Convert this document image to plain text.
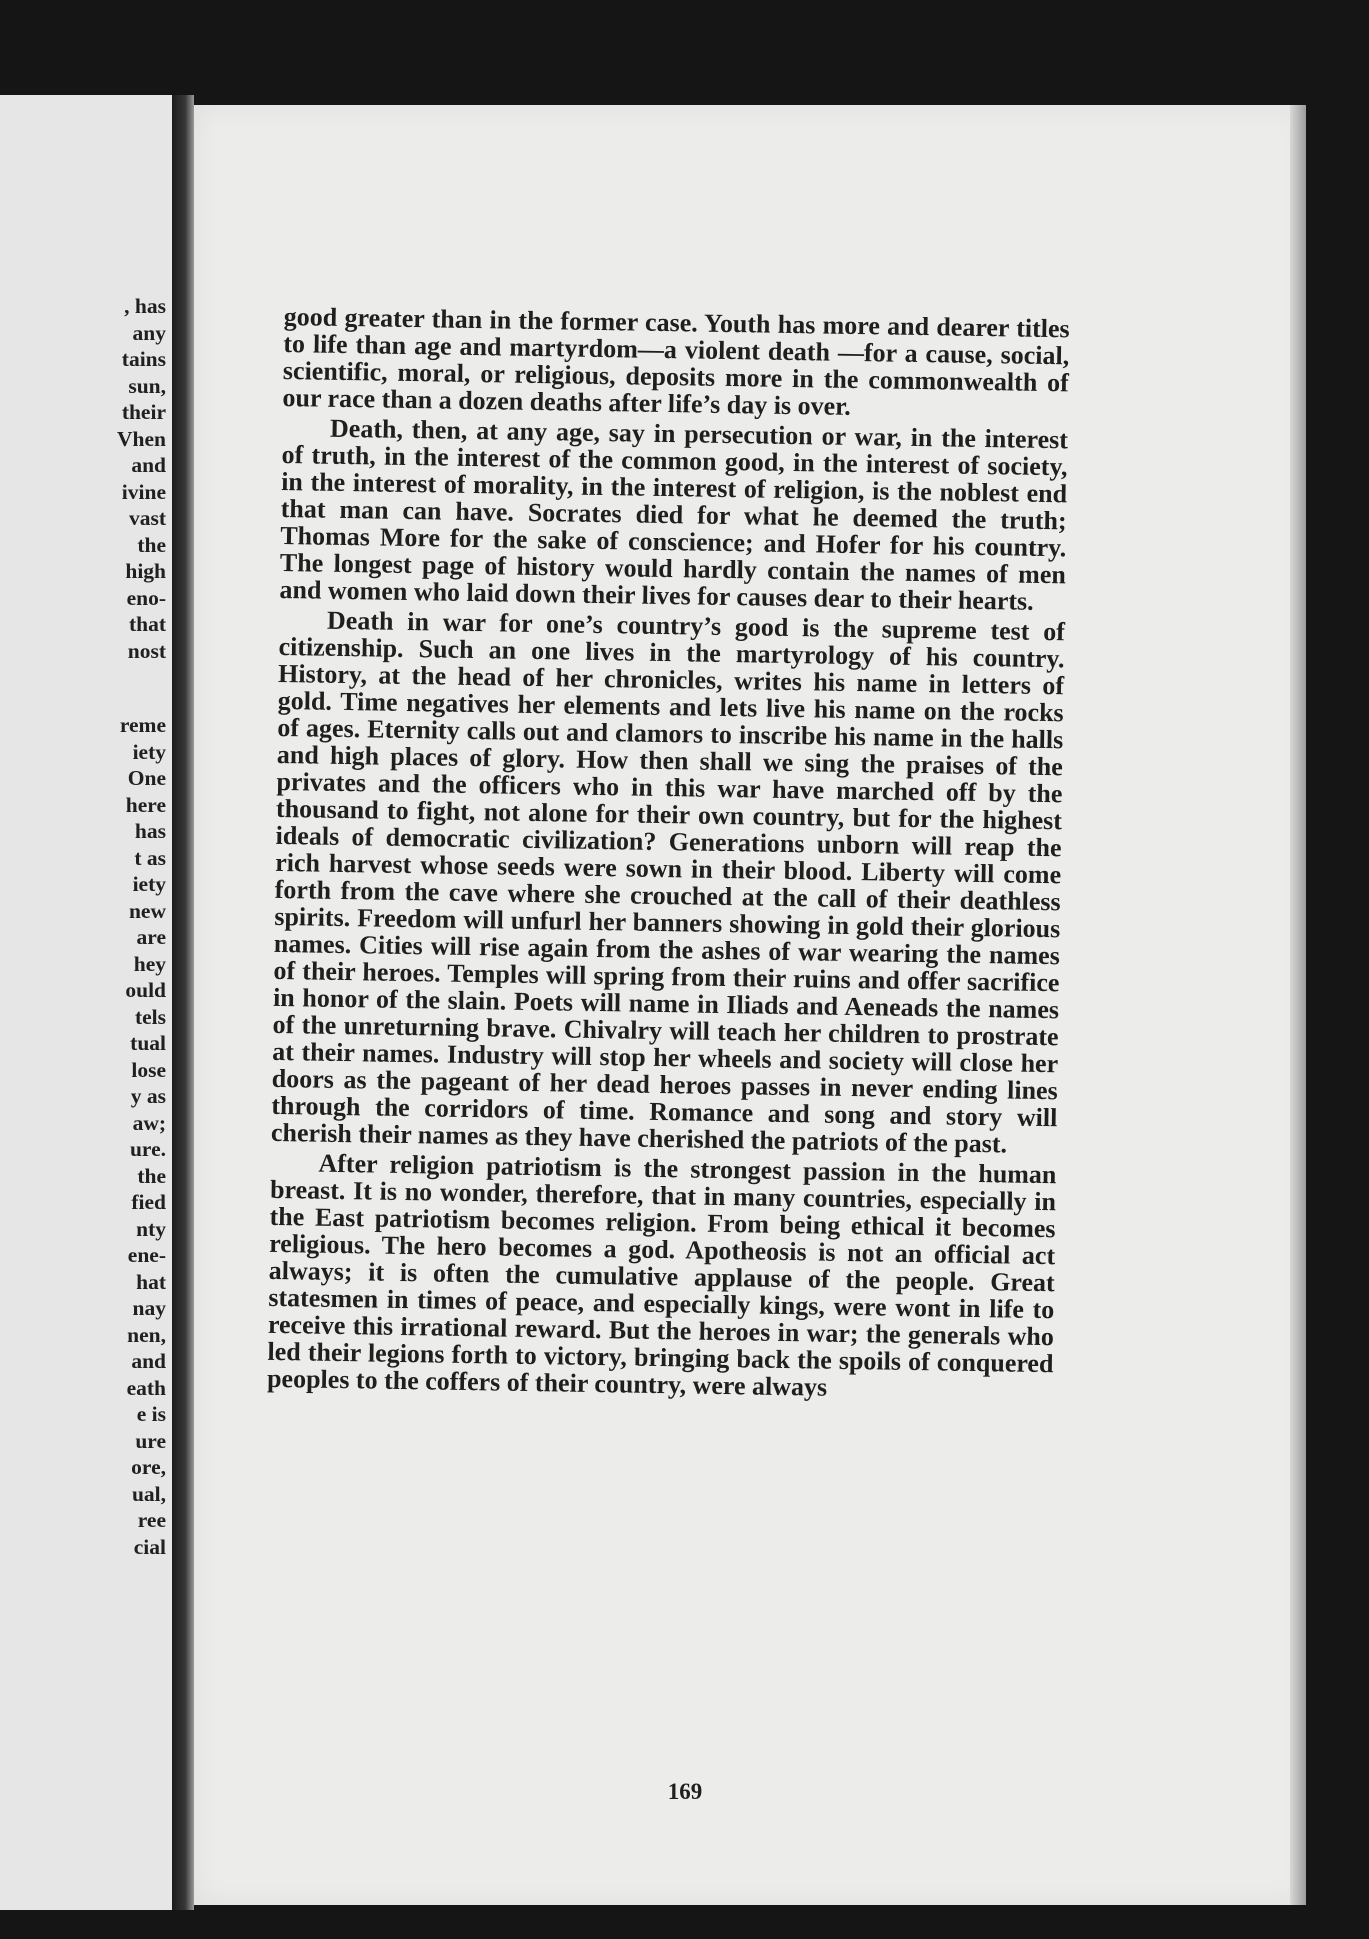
, has
any
tains
sun,
their
Vhen
and
ivine
vast
the
high
eno-
that
nost
reme
iety
One
here
has
t as
iety
new
are
hey
ould
tels
tual
lose
y as
aw;
ure.
the
fied
nty
ene-
hat
nay
nen,
and
eath
e is
ure
ore,
ual,
ree
cial

good greater than in the former case. Youth has more and dearer titles to life than age and martyrdom—a violent death —for a cause, social, scientific, moral, or religious, deposits more in the commonwealth of our race than a dozen deaths after life’s day is over.

Death, then, at any age, say in persecution or war, in the interest of truth, in the interest of the common good, in the interest of society, in the interest of morality, in the interest of religion, is the noblest end that man can have. Socrates died for what he deemed the truth; Thomas More for the sake of conscience; and Hofer for his country. The longest page of history would hardly contain the names of men and women who laid down their lives for causes dear to their hearts.

Death in war for one’s country’s good is the supreme test of citizenship. Such an one lives in the martyrology of his country. History, at the head of her chronicles, writes his name in letters of gold. Time negatives her elements and lets live his name on the rocks of ages. Eternity calls out and clamors to inscribe his name in the halls and high places of glory. How then shall we sing the praises of the privates and the officers who in this war have marched off by the thousand to fight, not alone for their own country, but for the highest ideals of democratic civilization? Generations unborn will reap the rich harvest whose seeds were sown in their blood. Liberty will come forth from the cave where she crouched at the call of their deathless spirits. Freedom will unfurl her banners showing in gold their glorious names. Cities will rise again from the ashes of war wearing the names of their heroes. Temples will spring from their ruins and offer sacrifice in honor of the slain. Poets will name in Iliads and Aeneads the names of the unreturning brave. Chivalry will teach her children to prostrate at their names. Industry will stop her wheels and society will close her doors as the pageant of her dead heroes passes in never ending lines through the corridors of time. Romance and song and story will cherish their names as they have cherished the patriots of the past.

After religion patriotism is the strongest passion in the human breast. It is no wonder, therefore, that in many countries, especially in the East patriotism becomes religion. From being ethical it becomes religious. The hero becomes a god. Apotheosis is not an official act always; it is often the cumulative applause of the people. Great statesmen in times of peace, and especially kings, were wont in life to receive this irrational reward. But the heroes in war; the generals who led their legions forth to victory, bringing back the spoils of conquered peoples to the coffers of their country, were always

169
